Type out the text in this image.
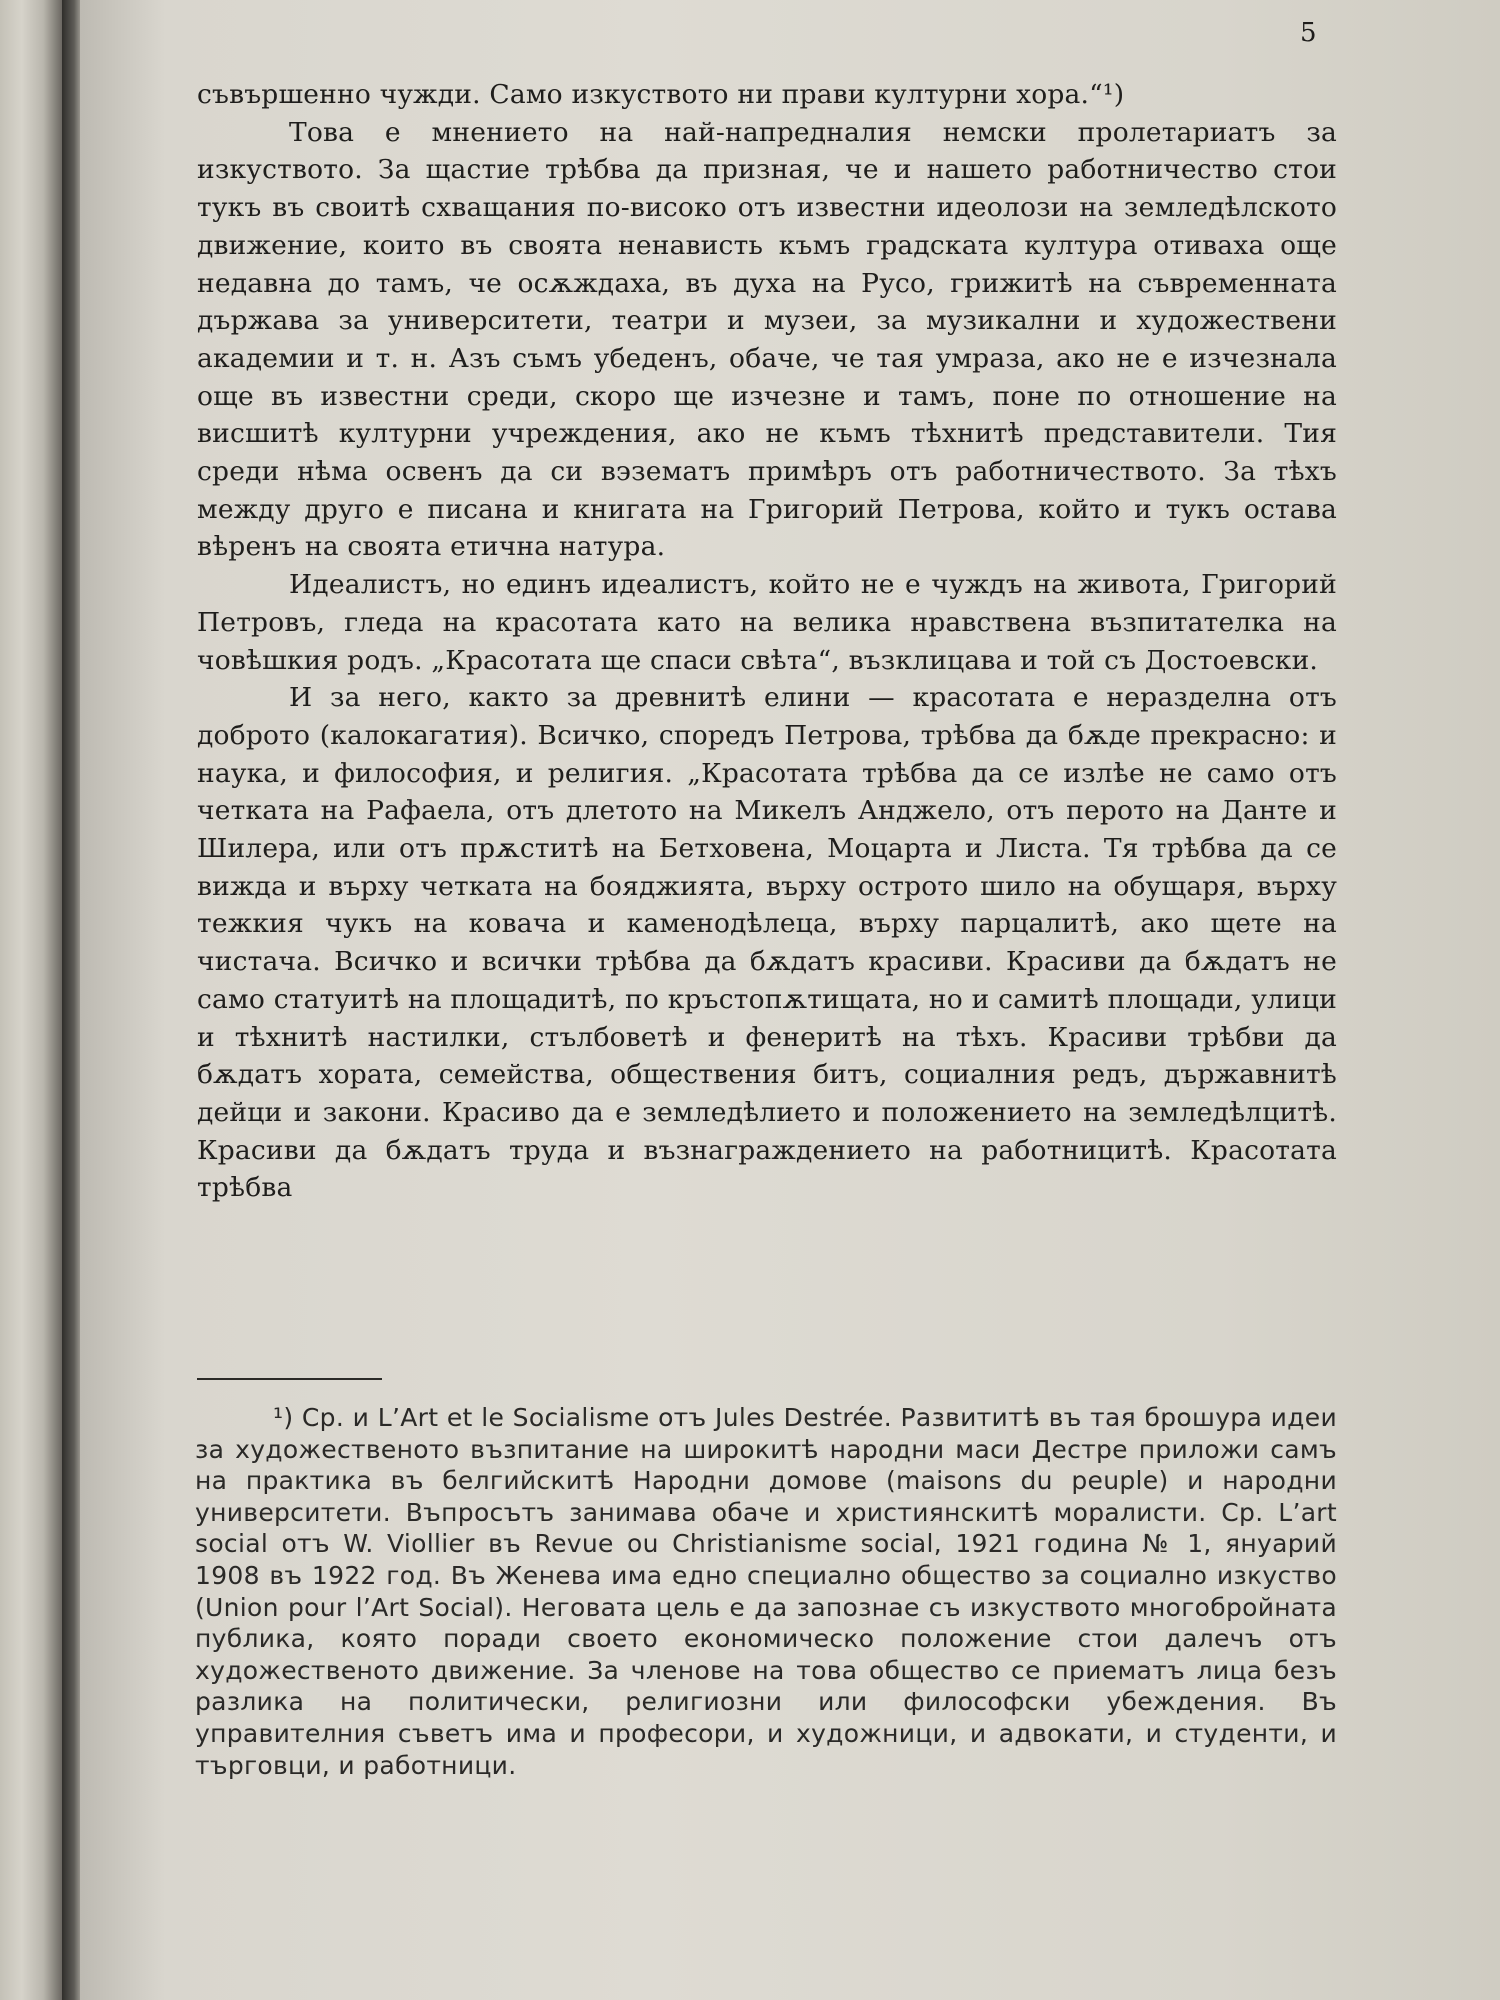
5

съвършенно чужди. Само изкуството ни прави културни хора.“¹)

Това е мнението на най-напредналия немски пролетариатъ за изкуството. За щастие трѣбва да призная, че и нашето работничество стои тукъ въ своитѣ схващания по-високо отъ известни идеолози на земледѣлското движение, които въ своята ненависть къмъ градската култура отиваха още недавна до тамъ, че осѫждаха, въ духа на Русо, грижитѣ на съвременната държава за университети, театри и музеи, за музикални и художествени академии и т. н. Азъ съмъ убеденъ, обаче, че тая умраза, ако не е изчезнала още въ известни среди, скоро ще изчезне и тамъ, поне по отношение на висшитѣ културни учреждения, ако не къмъ тѣхнитѣ представители. Тия среди нѣма освенъ да си вэзематъ примѣръ отъ работничеството. За тѣхъ между друго е писана и книгата на Григорий Петрова, който и тукъ остава вѣренъ на своята етична натура.

Идеалистъ, но единъ идеалистъ, който не е чуждъ на живота, Григорий Петровъ, гледа на красотата като на велика нравствена възпитателка на човѣшкия родъ. „Красотата ще спаси свѣта“, възклицава и той съ Достоевски.

И за него, както за древнитѣ елини — красотата е неразделна отъ доброто (калокагатия). Всичко, споредъ Петрова, трѣбва да бѫде прекрасно: и наука, и философия, и религия. „Красотата трѣбва да се излѣе не само отъ четката на Рафаела, отъ длетото на Микелъ Анджело, отъ перото на Данте и Шилера, или отъ прѫститѣ на Бетховена, Моцарта и Листа. Тя трѣбва да се вижда и върху четката на бояджията, върху острото шило на обущаря, върху тежкия чукъ на ковача и каменодѣлеца, върху парцалитѣ, ако щете на чистача. Всичко и всички трѣбва да бѫдатъ красиви. Красиви да бѫдатъ не само статуитѣ на площадитѣ, по кръстопѫтищата, но и самитѣ площади, улици и тѣхнитѣ настилки, стълбоветѣ и фенеритѣ на тѣхъ. Красиви трѣбви да бѫдатъ хората, семейства, обществения битъ, социалния редъ, държавнитѣ дейци и закони. Красиво да е земледѣлието и положението на земледѣлцитѣ. Красиви да бѫдатъ труда и възнаграждението на работницитѣ. Красотата трѣбва

¹) Ср. и L’Art et le Socialisme отъ Jules Destrée. Развититѣ въ тая брошура идеи за художественото възпитание на широкитѣ народни маси Дестре приложи самъ на практика въ белгийскитѣ Народни домове (maisons du peuple) и народни университети. Въпросътъ занимава обаче и християнскитѣ моралисти. Ср. L’art social отъ W. Viollier въ Revue ou Christianisme social, 1921 година № 1, януарий 1908 въ 1922 год. Въ Женева има едно специално общество за социално изкуство (Union pour l’Art Social). Неговата цель е да запознае съ изкуството многобройната публика, която поради своето економическо положение стои далечъ отъ художественото движение. За членове на това общество се приематъ лица безъ разлика на политически, религиозни или философски убеждения. Въ управителния съветъ има и професори, и художници, и адвокати, и студенти, и търговци, и работници.
